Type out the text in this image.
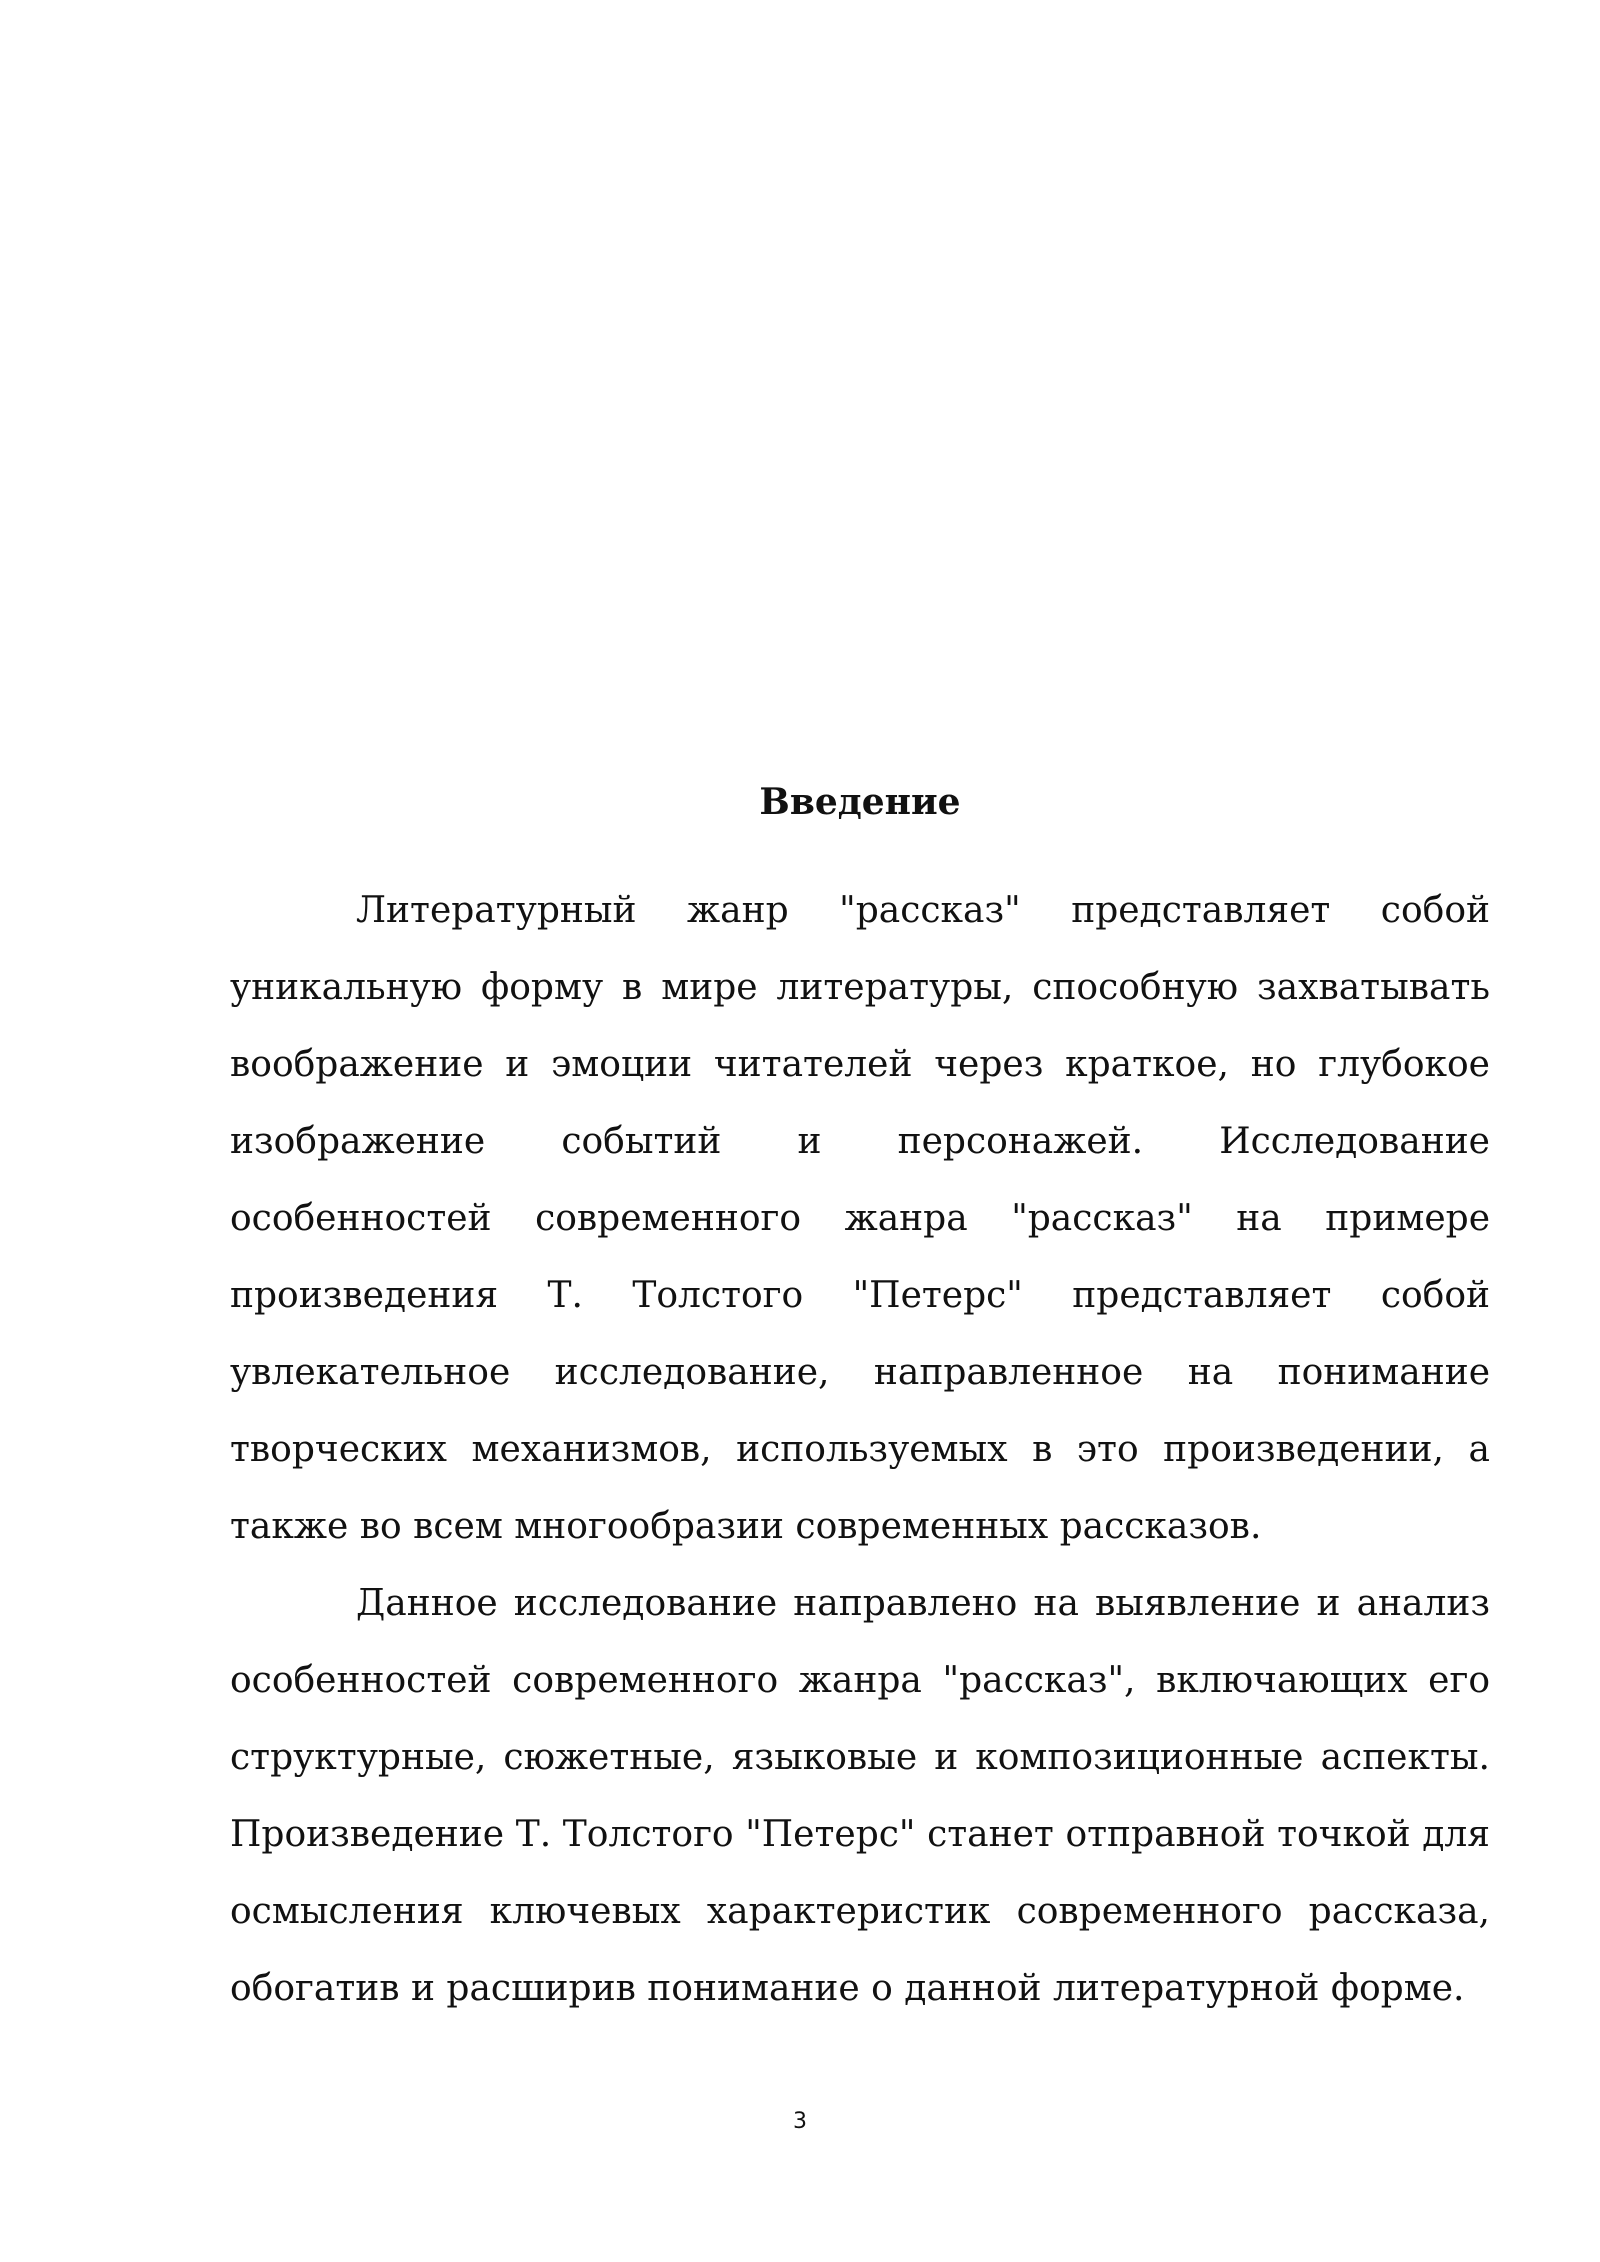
Введение

Литературный жанр "рассказ" представляет собой уникальную форму в мире литературы, способную захватывать воображение и эмоции читателей через краткое, но глубокое изображение событий и персонажей. Исследование особенностей современного жанра "рассказ" на примере произведения Т. Толстого "Петерс" представляет собой увлекательное исследование, направленное на понимание творческих механизмов, используемых в это произведении, а также во всем многообразии современных рассказов.

Данное исследование направлено на выявление и анализ особенностей современного жанра "рассказ", включающих его структурные, сюжетные, языковые и композиционные аспекты. Произведение Т. Толстого "Петерс" станет отправной точкой для осмысления ключевых характеристик современного рассказа, обогатив и расширив понимание о данной литературной форме.

3
